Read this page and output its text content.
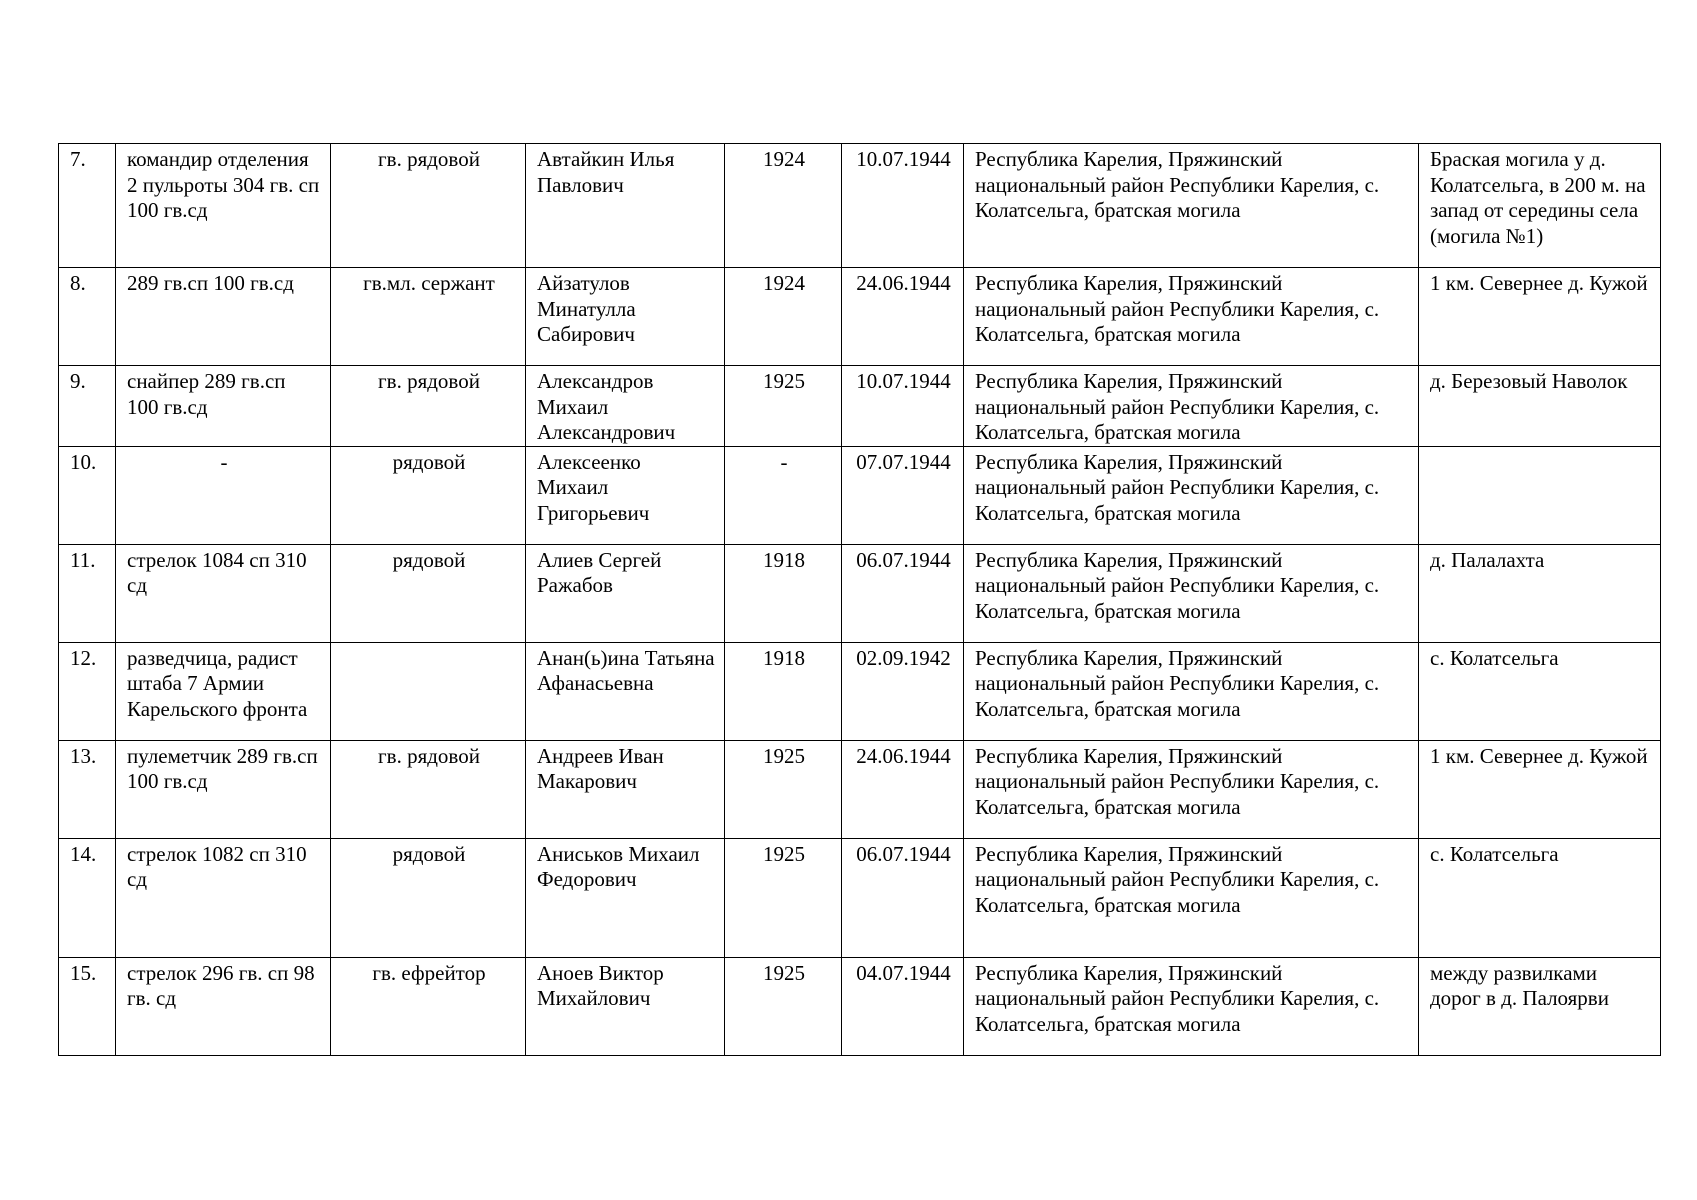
7.	командир отделения 2 пульроты 304 гв. сп 100 гв.сд	гв. рядовой	Автайкин Илья Павлович	1924	10.07.1944	Республика Карелия, Пряжинский национальный район Республики Карелия, с. Колатсельга, братская могила	Браская могила у д. Колатсельга, в 200 м. на запад от середины села (могила №1)
8.	289 гв.сп 100 гв.сд	гв.мл. сержант	Айзатулов Минатулла Сабирович	1924	24.06.1944	Республика Карелия, Пряжинский национальный район Республики Карелия, с. Колатсельга, братская могила	1 км. Севернее д. Кужой
9.	снайпер 289 гв.сп 100 гв.сд	гв. рядовой	Александров Михаил Александрович	1925	10.07.1944	Республика Карелия, Пряжинский национальный район Республики Карелия, с. Колатсельга, братская могила	д. Березовый Наволок
10.	-	рядовой	Алексеенко Михаил Григорьевич	-	07.07.1944	Республика Карелия, Пряжинский национальный район Республики Карелия, с. Колатсельга, братская могила	
11.	стрелок 1084 сп 310 сд	рядовой	Алиев Сергей Ражабов	1918	06.07.1944	Республика Карелия, Пряжинский национальный район Республики Карелия, с. Колатсельга, братская могила	д. Палалахта
12.	разведчица, радист штаба 7 Армии Карельского фронта		Анан(ь)ина Татьяна Афанасьевна	1918	02.09.1942	Республика Карелия, Пряжинский национальный район Республики Карелия, с. Колатсельга, братская могила	с. Колатсельга
13.	пулеметчик 289 гв.сп 100 гв.сд	гв. рядовой	Андреев Иван Макарович	1925	24.06.1944	Республика Карелия, Пряжинский национальный район Республики Карелия, с. Колатсельга, братская могила	1 км. Севернее д. Кужой
14.	стрелок 1082 сп 310 сд	рядовой	Аниськов Михаил Федорович	1925	06.07.1944	Республика Карелия, Пряжинский национальный район Республики Карелия, с. Колатсельга, братская могила	с. Колатсельга
15.	стрелок 296 гв. сп 98 гв. сд	гв. ефрейтор	Аноев Виктор Михайлович	1925	04.07.1944	Республика Карелия, Пряжинский национальный район Республики Карелия, с. Колатсельга, братская могила	между развилками дорог в д. Палоярви
